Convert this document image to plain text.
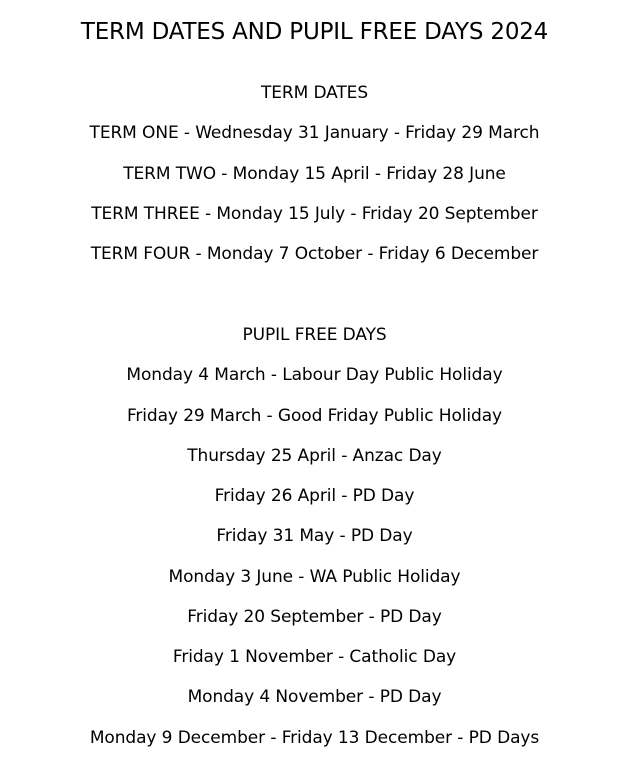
TERM DATES AND PUPIL FREE DAYS 2024
TERM DATES
TERM ONE - Wednesday 31 January - Friday 29 March
TERM TWO - Monday 15 April - Friday 28 June
TERM THREE - Monday 15 July - Friday 20 September
TERM FOUR - Monday 7 October - Friday 6 December
PUPIL FREE DAYS
Monday 4 March - Labour Day Public Holiday
Friday 29 March - Good Friday Public Holiday
Thursday 25 April - Anzac Day
Friday 26 April - PD Day
Friday 31 May - PD Day
Monday 3 June - WA Public Holiday
Friday 20 September - PD Day
Friday 1 November - Catholic Day
Monday 4 November - PD Day
Monday 9 December - Friday 13 December - PD Days
